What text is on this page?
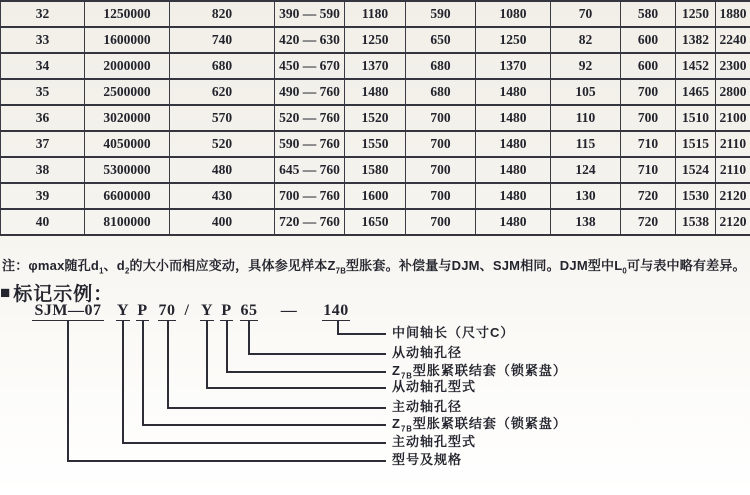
32	1250000	820	390 — 590	1180	590	1080	70	580	1250	1880
33	1600000	740	420 — 630	1250	650	1250	82	600	1382	2240
34	2000000	680	450 — 670	1370	680	1370	92	600	1452	2300
35	2500000	620	490 — 760	1480	680	1480	105	700	1465	2800
36	3020000	570	520 — 760	1520	700	1480	110	700	1510	2100
37	4050000	520	590 — 760	1550	700	1480	115	710	1515	2110
38	5300000	480	645 — 760	1580	700	1480	124	710	1524	2110
39	6600000	430	700 — 760	1600	700	1480	130	720	1530	2120
40	8100000	400	720 — 760	1650	700	1480	138	720	1538	2120
注：φmax随孔$d_1$、$d_2$的大小而相应变动，具体参见样本$Z_{7B}$型胀套。补偿量与DJM、SJM相同。DJM型中$L_0$可与表中略有差异。
■ 标记示例：
SJM—07 Y P 70 / Y P 65 — 140
中间轴长（尺寸C）
从动轴孔径
$Z_{7B}$型胀紧联结套（锁紧盘）
从动轴孔型式
主动轴孔径
$Z_{7B}$型胀紧联结套（锁紧盘）
主动轴孔型式
型号及规格
